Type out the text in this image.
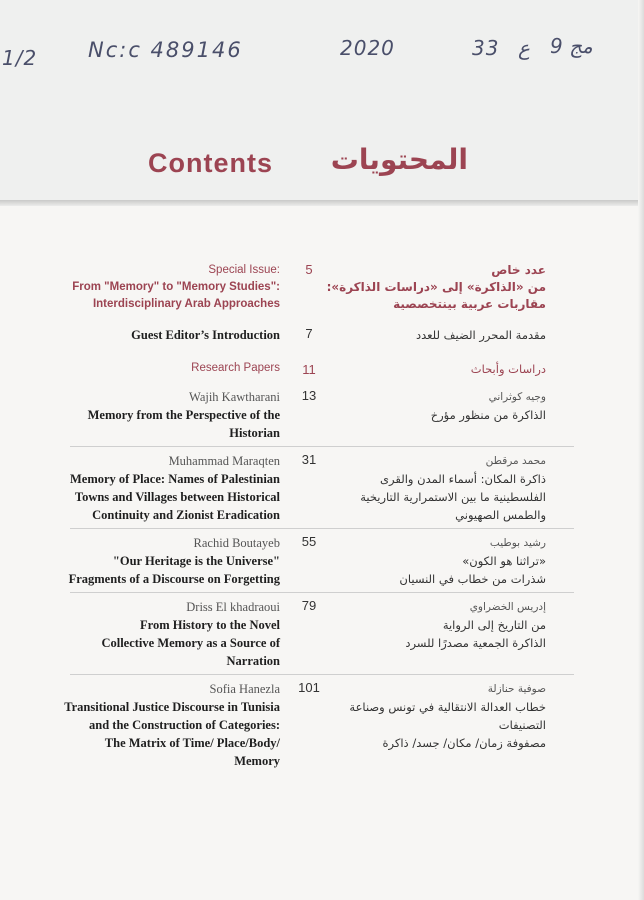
1/2 Nc:c 489146	2020	33 ع مج 9
Contents المحتويات
Special Issue:
From "Memory" to "Memory Studies":
Interdisciplinary Arab Approaches
5	عدد خاص
من «الذاكرة» إلى «دراسات الذاكرة»:
مقاربات عربية بينتخصصية
Guest Editor’s Introduction	7	مقدمة المحرر الضيف للعدد
Research Papers	11	دراسات وأبحاث
Wajih Kawtharani
Memory from the Perspective of the
Historian
13	وجيه كوثراني
الذاكرة من منظور مؤرخ
Muhammad Maraqten
Memory of Place: Names of Palestinian
Towns and Villages between Historical
Continuity and Zionist Eradication
31	محمد مرقطن
ذاكرة المكان: أسماء المدن والقرى
الفلسطينية ما بين الاستمرارية التاريخية
والطمس الصهيوني
Rachid Boutayeb
"Our Heritage is the Universe"
Fragments of a Discourse on Forgetting
55	رشيد بوطيب
«تراثنا هو الكون»
شذرات من خطاب في النسيان
Driss El khadraoui
From History to the Novel
Collective Memory as a Source of
Narration
79	إدريس الخضراوي
من التاريخ إلى الرواية
الذاكرة الجمعية مصدرًا للسرد
Sofia Hanezla
Transitional Justice Discourse in Tunisia
and the Construction of Categories:
The Matrix of Time/ Place/Body/
Memory
101	صوفية حنازلة
خطاب العدالة الانتقالية في تونس وصناعة
التصنيفات
مصفوفة زمان/ مكان/ جسد/ ذاكرة
